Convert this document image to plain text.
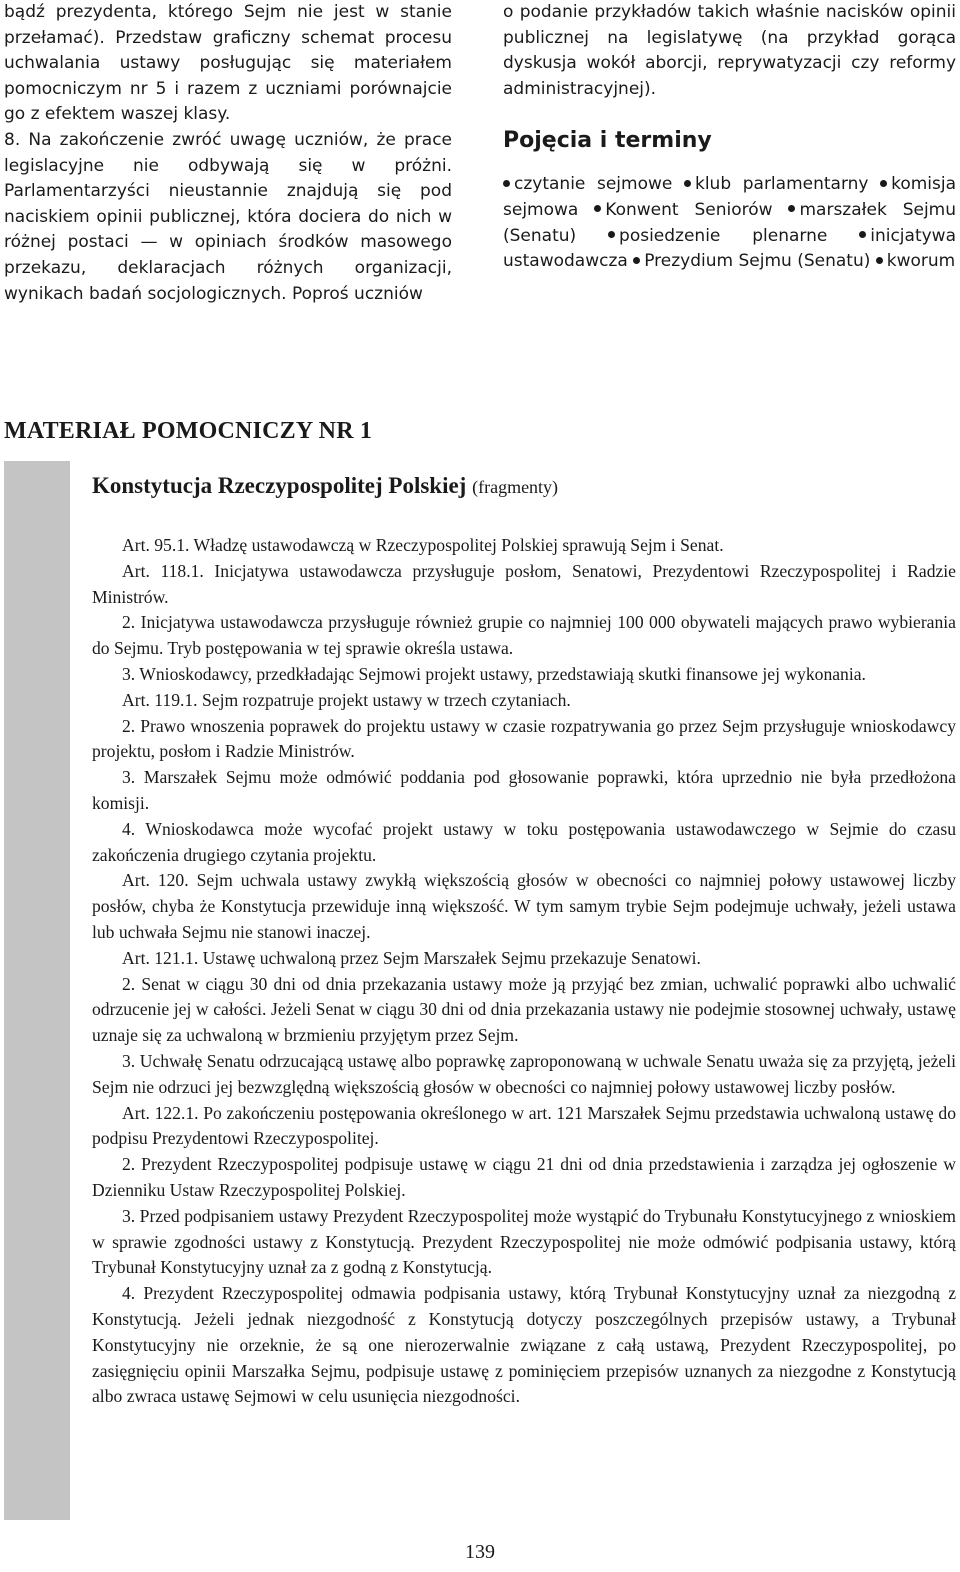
bądź prezydenta, którego Sejm nie jest w stanie przełamać). Przedstaw graficzny schemat procesu uchwalania ustawy posługując się materiałem pomocniczym nr 5 i razem z uczniami porównajcie go z efektem waszej klasy.

8. Na zakończenie zwróć uwagę uczniów, że prace legislacyjne nie odbywają się w próżni. Parlamentarzyści nieustannie znajdują się pod naciskiem opinii publicznej, która dociera do nich w różnej postaci — w opiniach środków masowego przekazu, deklaracjach różnych organizacji, wynikach badań socjologicznych. Poproś uczniów

o podanie przykładów takich właśnie nacisków opinii publicznej na legislatywę (na przykład gorąca dyskusja wokół aborcji, reprywatyzacji czy reformy administracyjnej).

Pojęcia i terminy
czytanie sejmowe klub parlamentarny komisja sejmowa Konwent Seniorów marszałek Sejmu (Senatu)	posiedzenie plenarne	inicjatywa ustawodawcza Prezydium Sejmu (Senatu) kworum
MATERIAŁ POMOCNICZY NR 1
Konstytucja Rzeczypospolitej Polskiej (fragmenty)

Art. 95.1. Władzę ustawodawczą w Rzeczypospolitej Polskiej sprawują Sejm i Senat.

Art. 118.1. Inicjatywa ustawodawcza przysługuje posłom, Senatowi, Prezydentowi Rzeczypospolitej i Radzie Ministrów.

2. Inicjatywa ustawodawcza przysługuje również grupie co najmniej 100 000 obywateli mających prawo wybierania do Sejmu. Tryb postępowania w tej sprawie określa ustawa.

3. Wnioskodawcy, przedkładając Sejmowi projekt ustawy, przedstawiają skutki finansowe jej wykonania.

Art. 119.1. Sejm rozpatruje projekt ustawy w trzech czytaniach.

2. Prawo wnoszenia poprawek do projektu ustawy w czasie rozpatrywania go przez Sejm przysługuje wnioskodawcy projektu, posłom i Radzie Ministrów.

3. Marszałek Sejmu może odmówić poddania pod głosowanie poprawki, która uprzednio nie była przedłożona komisji.

4. Wnioskodawca może wycofać projekt ustawy w toku postępowania ustawodawczego w Sejmie do czasu zakończenia drugiego czytania projektu.

Art. 120. Sejm uchwala ustawy zwykłą większością głosów w obecności co najmniej połowy ustawowej liczby posłów, chyba że Konstytucja przewiduje inną większość. W tym samym trybie Sejm podejmuje uchwały, jeżeli ustawa lub uchwała Sejmu nie stanowi inaczej.

Art. 121.1. Ustawę uchwaloną przez Sejm Marszałek Sejmu przekazuje Senatowi.

2. Senat w ciągu 30 dni od dnia przekazania ustawy może ją przyjąć bez zmian, uchwalić poprawki albo uchwalić odrzucenie jej w całości. Jeżeli Senat w ciągu 30 dni od dnia przekazania ustawy nie podejmie stosownej uchwały, ustawę uznaje się za uchwaloną w brzmieniu przyjętym przez Sejm.

3. Uchwałę Senatu odrzucającą ustawę albo poprawkę zaproponowaną w uchwale Senatu uważa się za przyjętą, jeżeli Sejm nie odrzuci jej bezwzględną większością głosów w obecności co najmniej połowy ustawowej liczby posłów.

Art. 122.1. Po zakończeniu postępowania określonego w art. 121 Marszałek Sejmu przedstawia uchwaloną ustawę do podpisu Prezydentowi Rzeczypospolitej.

2. Prezydent Rzeczypospolitej podpisuje ustawę w ciągu 21 dni od dnia przedstawienia i zarządza jej ogłoszenie w Dzienniku Ustaw Rzeczypospolitej Polskiej.

3. Przed podpisaniem ustawy Prezydent Rzeczypospolitej może wystąpić do Trybunału Konstytucyjnego z wnioskiem w sprawie zgodności ustawy z Konstytucją. Prezydent Rzeczypospolitej nie może odmówić podpisania ustawy, którą Trybunał Konstytucyjny uznał za z godną z Konstytucją.

4. Prezydent Rzeczypospolitej odmawia podpisania ustawy, którą Trybunał Konstytucyjny uznał za niezgodną z Konstytucją. Jeżeli jednak niezgodność z Konstytucją dotyczy poszczególnych przepisów ustawy, a Trybunał Konstytucyjny nie orzeknie, że są one nierozerwalnie związane z całą ustawą, Prezydent Rzeczypospolitej, po zasięgnięciu opinii Marszałka Sejmu, podpisuje ustawę z pominięciem przepisów uznanych za niezgodne z Konstytucją albo zwraca ustawę Sejmowi w celu usunięcia niezgodności.

139
